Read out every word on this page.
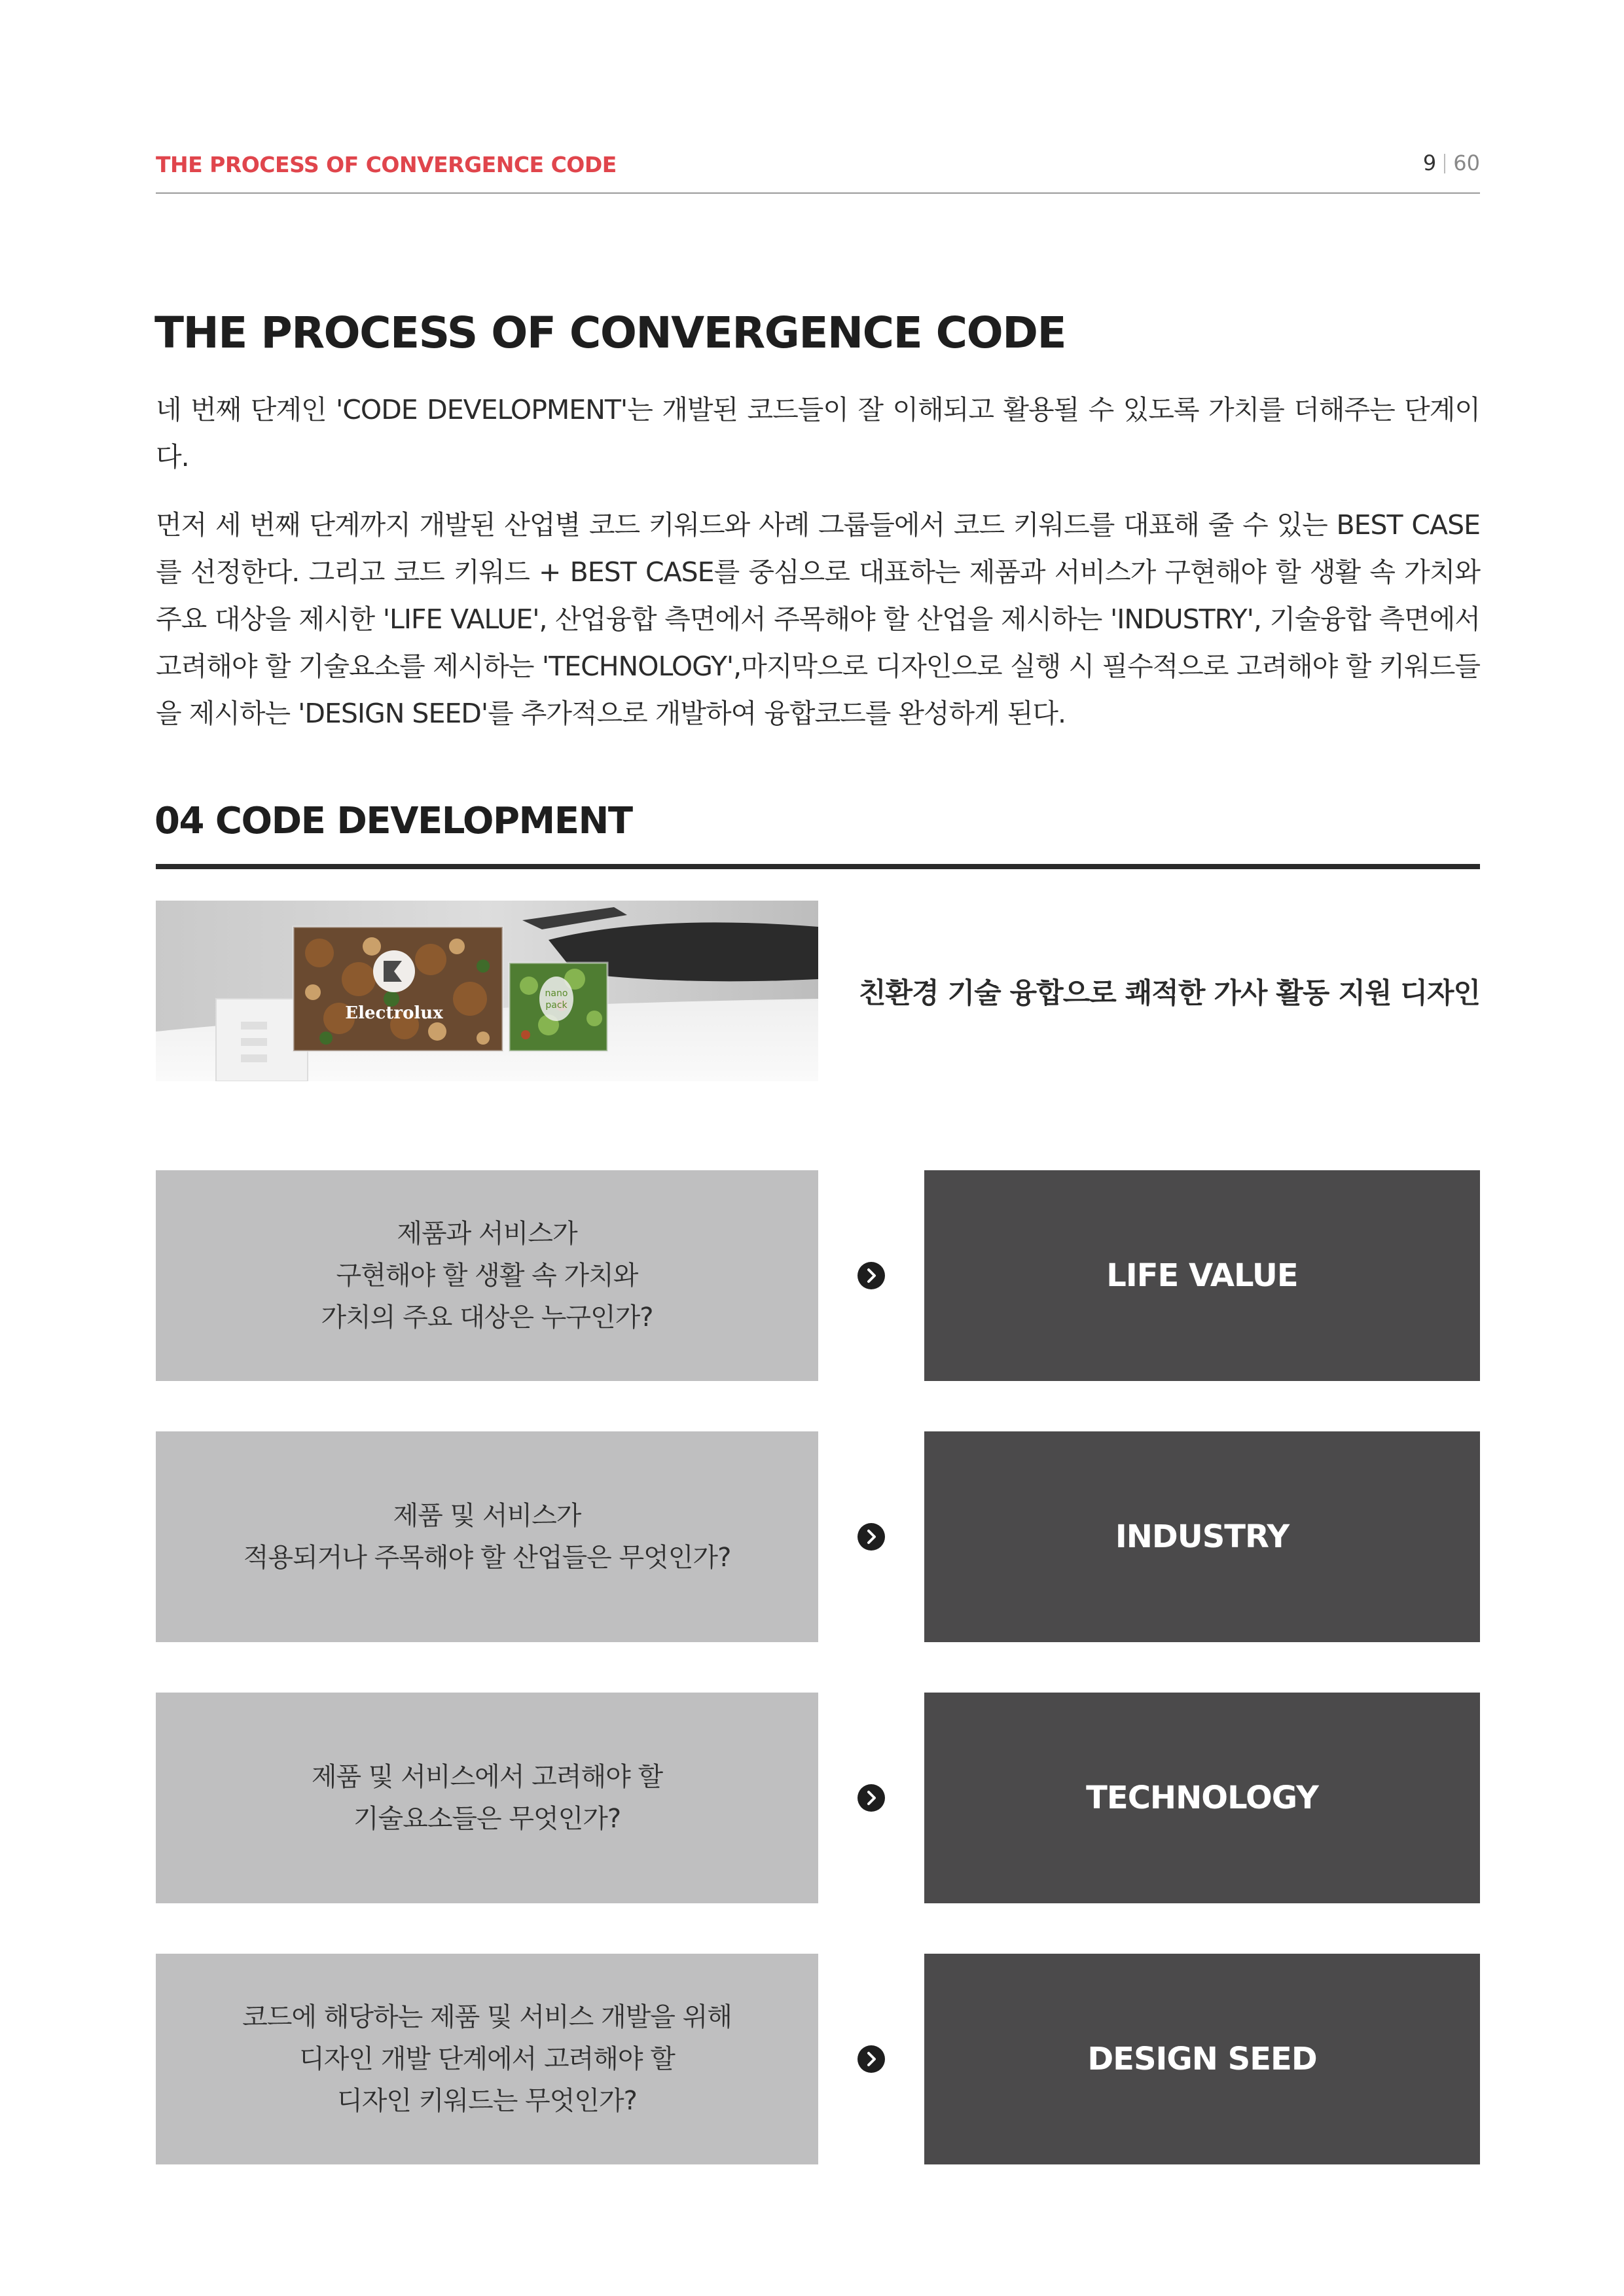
THE PROCESS OF CONVERGENCE CODE	9 60
THE PROCESS OF CONVERGENCE CODE

네 번째 단계인 'CODE DEVELOPMENT'는 개발된 코드들이 잘 이해되고 활용될 수 있도록 가치를 더해주는 단계이다.

먼저 세 번째 단계까지 개발된 산업별 코드 키워드와 사례 그룹들에서 코드 키워드를 대표해 줄 수 있는 BEST CASE를 선정한다. 그리고 코드 키워드 + BEST CASE를 중심으로 대표하는 제품과 서비스가 구현해야 할 생활 속 가치와 주요 대상을 제시한 'LIFE VALUE', 산업융합 측면에서 주목해야 할 산업을 제시하는 'INDUSTRY', 기술융합 측면에서 고려해야 할 기술요소를 제시하는 'TECHNOLOGY',마지막으로 디자인으로 실행 시 필수적으로 고려해야 할 키워드들을 제시하는 'DESIGN SEED'를 추가적으로 개발하여 융합코드를 완성하게 된다.

04 CODE DEVELOPMENT
Electrolux
nano
pack	친환경 기술 융합으로 쾌적한 가사 활동 지원 디자인
제품과 서비스가
구현해야 할 생활 속 가치와
가치의 주요 대상은 누구인가?
LIFE VALUE
제품 및 서비스가
적용되거나 주목해야 할 산업들은 무엇인가?
INDUSTRY
제품 및 서비스에서 고려해야 할
기술요소들은 무엇인가?
TECHNOLOGY
코드에 해당하는 제품 및 서비스 개발을 위해
디자인 개발 단계에서 고려해야 할
디자인 키워드는 무엇인가?
DESIGN SEED
